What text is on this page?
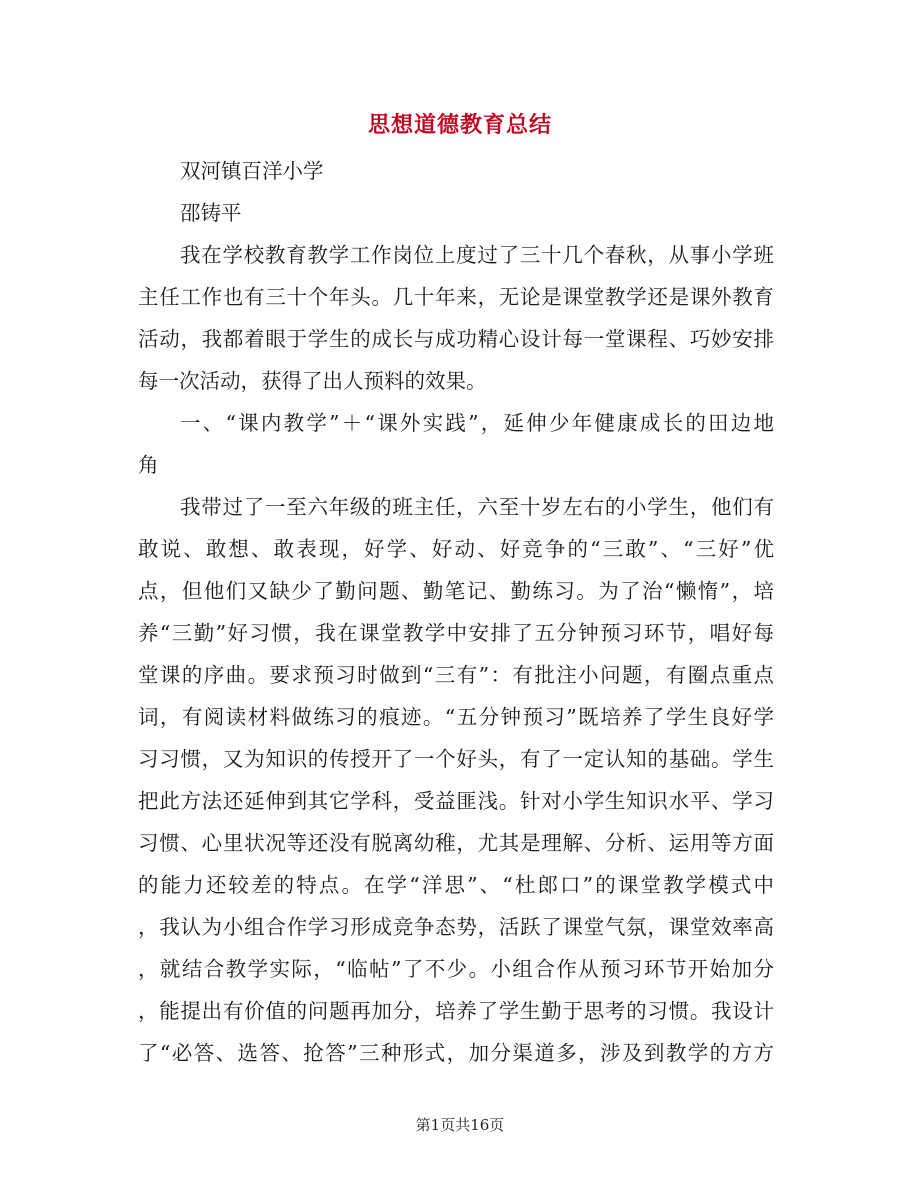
思想道德教育总结
双河镇百洋小学
邵铸平
我在学校教育教学工作岗位上度过了三十几个春秋，从事小学班
主任工作也有三十个年头。几十年来，无论是课堂教学还是课外教育
活动，我都着眼于学生的成长与成功精心设计每一堂课程、巧妙安排
每一次活动，获得了出人预料的效果。
一、“课内教学”＋“课外实践”，延伸少年健康成长的田边地
角
我带过了一至六年级的班主任，六至十岁左右的小学生，他们有
敢说、敢想、敢表现，好学、好动、好竞争的“三敢”、“三好”优
点，但他们又缺少了勤问题、勤笔记、勤练习。为了治“懒惰”，培
养“三勤”好习惯，我在课堂教学中安排了五分钟预习环节，唱好每
堂课的序曲。要求预习时做到“三有”：有批注小问题，有圈点重点
词，有阅读材料做练习的痕迹。“五分钟预习”既培养了学生良好学
习习惯，又为知识的传授开了一个好头，有了一定认知的基础。学生
把此方法还延伸到其它学科，受益匪浅。针对小学生知识水平、学习
习惯、心里状况等还没有脱离幼稚，尤其是理解、分析、运用等方面
的能力还较差的特点。在学“洋思”、“杜郎口”的课堂教学模式中
，我认为小组合作学习形成竞争态势，活跃了课堂气氛，课堂效率高
，就结合教学实际，“临帖”了不少。小组合作从预习环节开始加分
，能提出有价值的问题再加分，培养了学生勤于思考的习惯。我设计
了“必答、选答、抢答”三种形式，加分渠道多，涉及到教学的方方
第1页共16页
